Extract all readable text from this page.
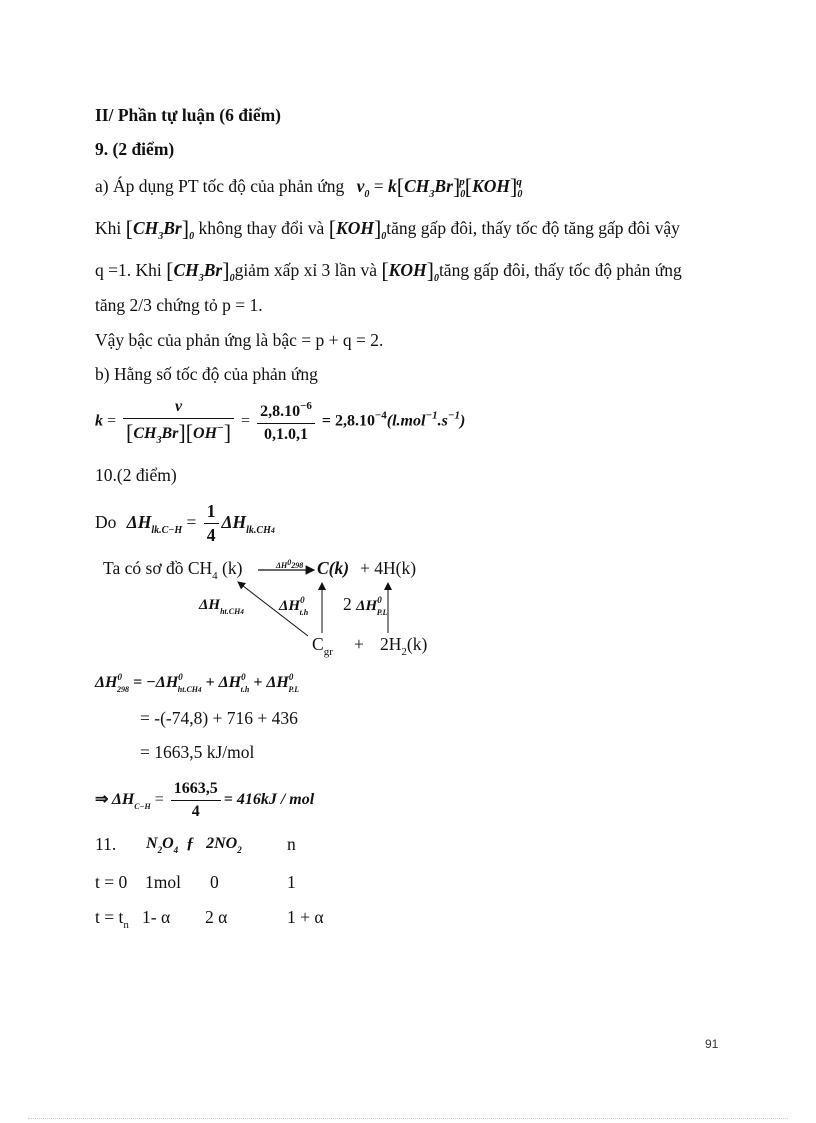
II/ Phần tự luận (6 điểm)
9. (2 điểm)
a) Áp dụng PT tốc độ của phản ứng $v_0 = k[CH_3Br]_0^p[KOH]_0^q$
Khi $[CH_3Br]_0$ không thay đổi và $[KOH]_0tăng$ gấp đôi, thấy tốc độ tăng gấp đôi vậy
q =1. Khi $[CH_3Br]_0giảm$ xấp xỉ 3 lần và $[KOH]_0tăng$ gấp đôi, thấy tốc độ phản ứng
tăng 2/3 chứng tỏ p = 1.
Vậy bậc của phản ứng là bậc = p + q = 2.
b) Hằng số tốc độ của phản ứng
$k = \frac{v}{[CH_3Br][OH^-]} = \frac{2,8.10^{-6}}{0,1.0,1} = 2,8.10^{-4}(l.mol^{-1}.s^{-1})$
10.(2 điểm)
Do $\Delta H_{lk.C-H} = \frac{1}{4} \Delta H_{lk.CH4}$
Ta có sơ đồ $CH_4$ (k)	ΔH0298 C(k) + 4H(k)
$\Delta H_{ht.CH4}$ $\Delta H^0_{t.h}$ 2 $\Delta H^0_{P.L}$
$C_{gr} + 2H_2(k)$
$\Delta H^0_{298} = -\Delta H^0_{ht.CH4} + \Delta H^0_{t.h} + \Delta H^0_{P.L}$
= -(-74,8) + 716 + 436
= 1663,5 kJ/mol
⇒ $\Delta H_{C-H} = \frac{1663,5}{4} = 416kJ$ / mol
11. $N_2O_4$ ƒ $2NO_2$	n
t = 0 1mol 0	1
$t = t_n$ 1- α 2 α	1 + α
91
